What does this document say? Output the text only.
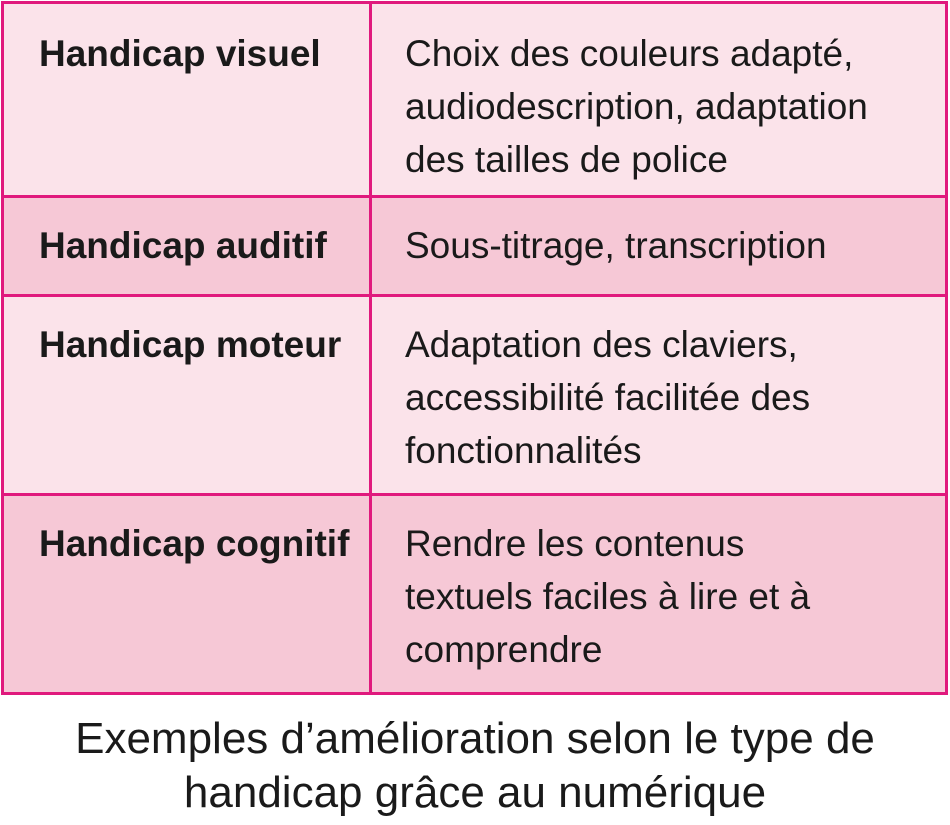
Handicap visuel	Choix des couleurs adapté, audiodescription, adaptation des tailles de police

Handicap auditif	Sous-titrage, transcription

Handicap moteur	Adaptation des claviers, accessibilité facilitée des fonctionnalités

Handicap cognitif	Rendre les contenus textuels faciles à lire et à comprendre
Exemples d’amélioration selon le type de
handicap grâce au numérique
